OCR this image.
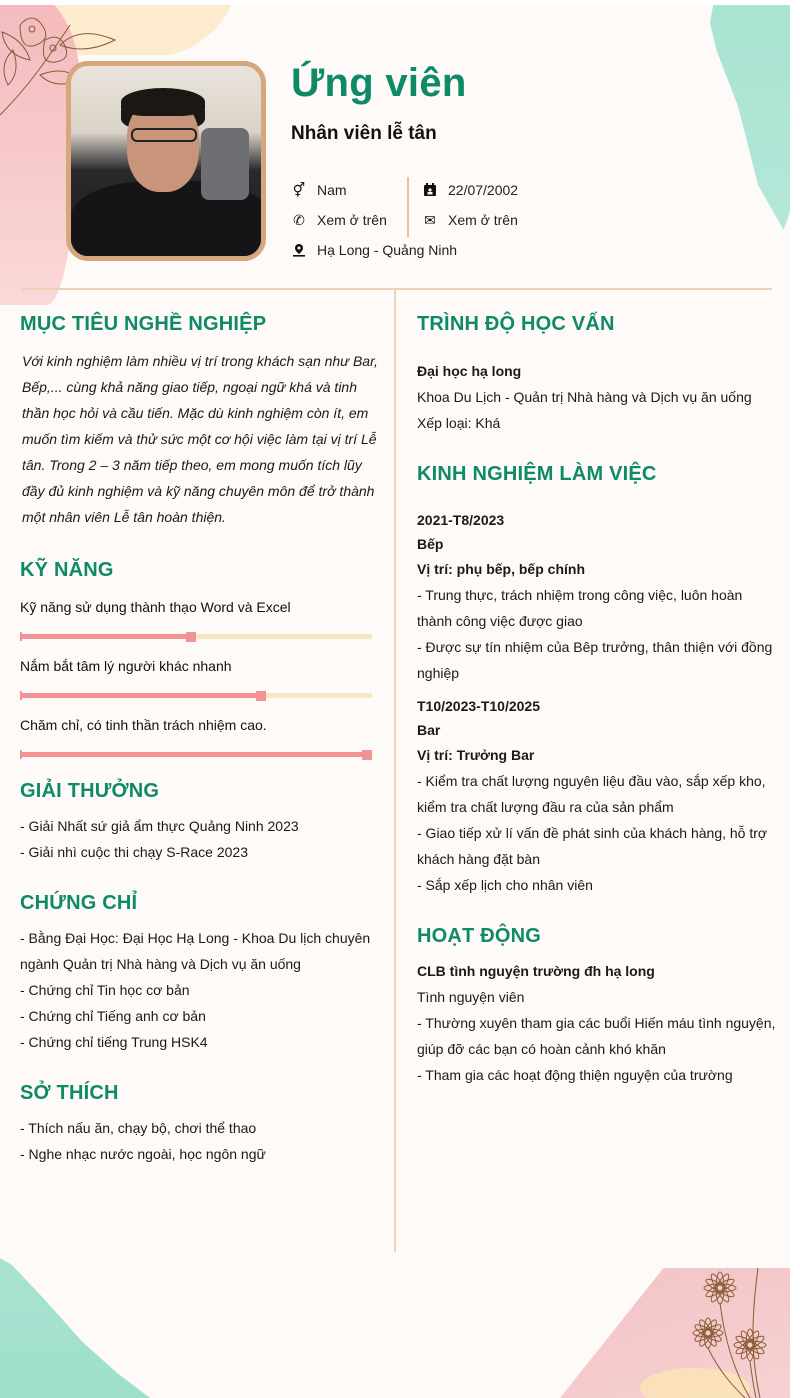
Ứng viên
Nhân viên lễ tân
⚥ Nam
✆ Xem ở trên
Hạ Long - Quảng Ninh
22/07/2002
✉ Xem ở trên
MỤC TIÊU NGHỀ NGHIỆP
Với kinh nghiệm làm nhiều vị trí trong khách sạn như Bar, Bếp,... cùng khả năng giao tiếp, ngoại ngữ khá và tinh thần học hỏi và cầu tiến. Mặc dù kinh nghiệm còn ít, em muốn tìm kiếm và thử sức một cơ hội việc làm tại vị trí Lễ tân. Trong 2 – 3 năm tiếp theo, em mong muốn tích lũy đầy đủ kinh nghiệm và kỹ năng chuyên môn để trở thành một nhân viên Lễ tân hoàn thiện.
KỸ NĂNG
Kỹ năng sử dụng thành thạo Word và Excel
Nắm bắt tâm lý người khác nhanh
Chăm chỉ, có tinh thần trách nhiệm cao.
GIẢI THƯỞNG
- Giải Nhất sứ giả ẩm thực Quảng Ninh 2023
- Giải nhì cuộc thi chạy S-Race 2023
CHỨNG CHỈ
- Bằng Đại Học: Đại Học Hạ Long - Khoa Du lịch chuyên ngành Quản trị Nhà hàng và Dịch vụ ăn uống
- Chứng chỉ Tin học cơ bản
- Chứng chỉ Tiếng anh cơ bản
- Chứng chỉ tiếng Trung HSK4
SỞ THÍCH
- Thích nấu ăn, chạy bộ, chơi thể thao
- Nghe nhạc nước ngoài, học ngôn ngữ
TRÌNH ĐỘ HỌC VẤN
Đại học hạ long
Khoa Du Lịch - Quản trị Nhà hàng và Dịch vụ ăn uống
Xếp loại: Khá
KINH NGHIỆM LÀM VIỆC
2021-T8/2023
Bếp
Vị trí: phụ bếp, bếp chính
- Trung thực, trách nhiệm trong công việc, luôn hoàn thành công việc được giao
- Được sự tín nhiệm của Bêp trưởng, thân thiện với đồng nghiệp
T10/2023-T10/2025
Bar
Vị trí: Trưởng Bar
- Kiểm tra chất lượng nguyên liệu đầu vào, sắp xếp kho, kiểm tra chất lượng đầu ra của sản phẩm
- Giao tiếp xử lí vấn đề phát sinh của khách hàng, hỗ trợ khách hàng đặt bàn
- Sắp xếp lịch cho nhân viên
HOẠT ĐỘNG
CLB tình nguyện trường đh hạ long
Tình nguyện viên
- Thường xuyên tham gia các buổi Hiến máu tình nguyện, giúp đỡ các bạn có hoàn cảnh khó khăn
- Tham gia các hoạt động thiện nguyện của trường
